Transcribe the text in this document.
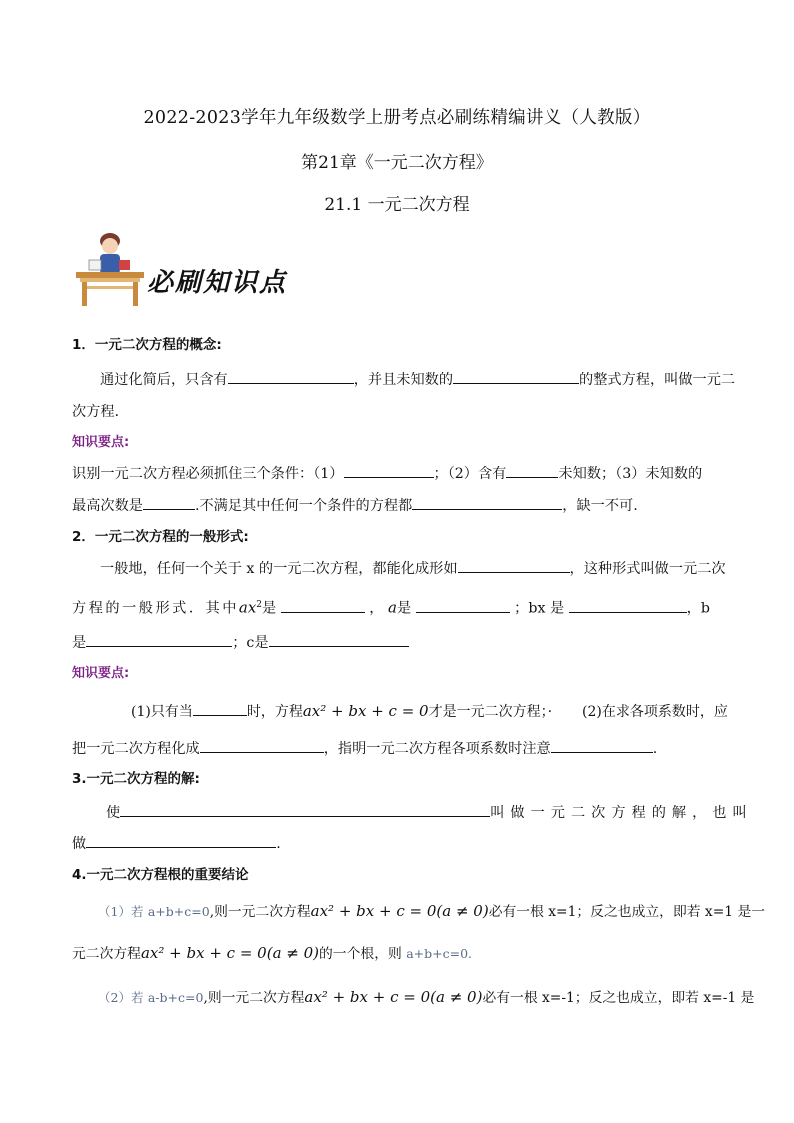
2022-2023学年九年级数学上册考点必刷练精编讲义（人教版）
第21章《一元二次方程》
21.1 一元二次方程
必刷知识点
1．一元二次方程的概念:
通过化简后，只含有	，并且未知数的	的整式方程，叫做一元二
次方程．
知识要点:
识别一元二次方程必须抓住三个条件：（1）	；（2）含有	未知数；（3）未知数的
最高次数是	.不满足其中任何一个条件的方程都	，缺一不可.
2．一元二次方程的一般形式:
一般地，任何一个关于 x 的一元二次方程，都能化成形如	，这种形式叫做一元二次
方程的一般形式．其中$ax^2$是	， a是	；bx 是	，b
是	；c是
知识要点:
(1)只有当	时，方程ax² + bx + c = 0才是一元二次方程；· (2)在求各项系数时，应
把一元二次方程化成	，指明一元二次方程各项系数时注意	.
3.一元二次方程的解:
使	叫做一元二次方程的解，也叫
做	.
4.一元二次方程根的重要结论
（1）若 a+b+c=0,则一元二次方程ax² + bx + c = 0(a ≠ 0)必有一根 x=1；反之也成立，即若 x=1 是一
元二次方程ax² + bx + c = 0(a ≠ 0)的一个根，则 a+b+c=0.
（2）若 a-b+c=0,则一元二次方程ax² + bx + c = 0(a ≠ 0)必有一根 x=-1；反之也成立，即若 x=-1 是
